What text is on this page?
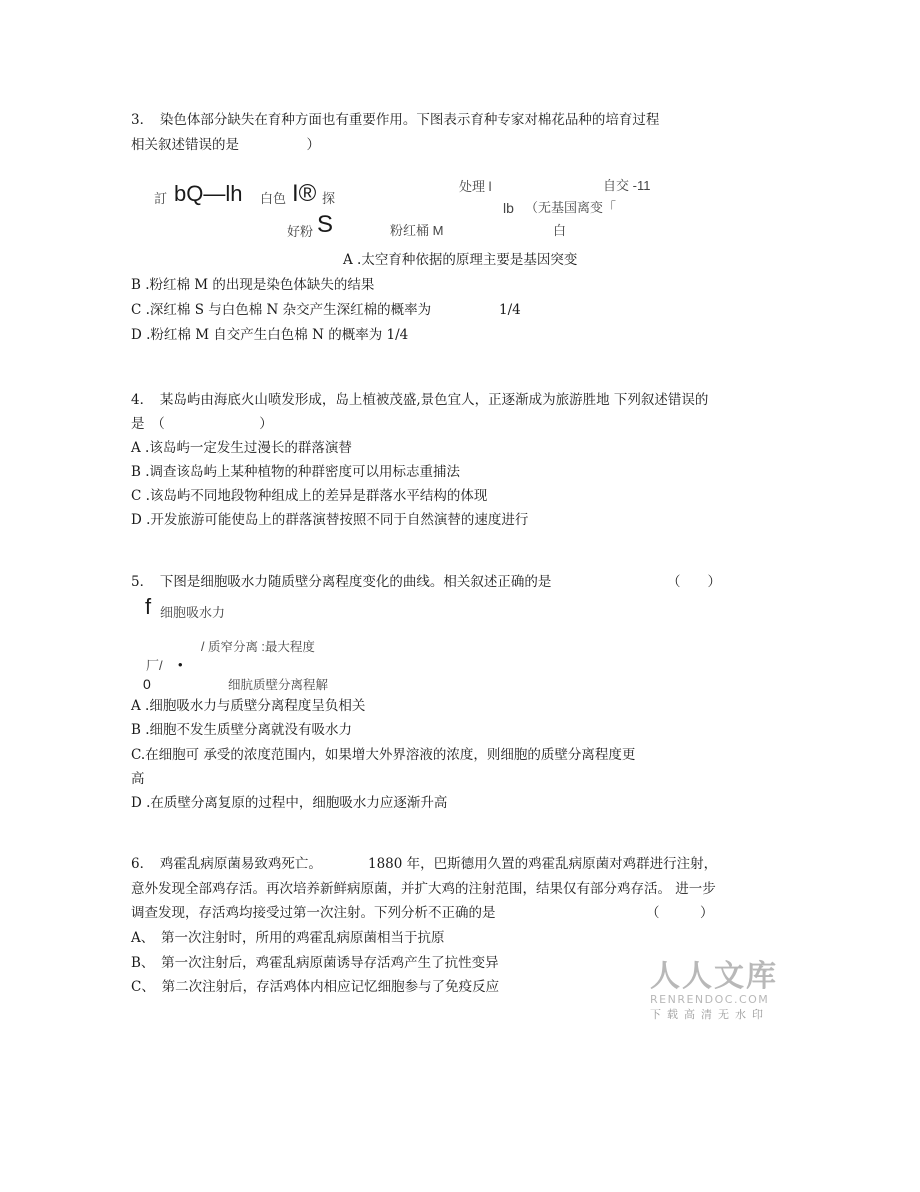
3．　染色体部分缺失在育种方面也有重要作用。下图表示育种专家对棉花品种的培育过程
相关叙述错误的是　　　　　）
訂 bQ—lh 白色 I® 探
处理 l	自交 -11
lb （无基国离变「
好粉 S	粉红桶 M	白
A .太空育种依据的原理主要是基因突变
B .粉红棉 M 的出现是染色体缺失的结果
C .深红棉 S 与白色棉 N 杂交产生深红棉的概率为	1/4
D .粉红棉 M 自交产生白色棉 N 的概率为 1/4
4．　某岛屿由海底火山喷发形成，岛上植被茂盛,景色宜人，正逐渐成为旅游胜地 下列叙述错误的
是　（　　　　　　　）
A .该岛屿一定发生过漫长的群落演替
B .调查该岛屿上某种植物的种群密度可以用标志重捕法
C .该岛屿不同地段物种组成上的差异是群落水平结构的体现
D .开发旅游可能使岛上的群落演替按照不同于自然演替的速度进行
5．　下图是细胞吸水力随质壁分离程度变化的曲线。相关叙述正确的是	（　　）
f 细胞吸水力
/ 质窄分离 :最大程度
厂/ •
0	细肮质壁分离程解
A .细胞吸水力与质壁分离程度呈负相关
B .细胞不发生质壁分离就没有吸水力
C.在细胞可 承受的浓度范围内，如果增大外界溶液的浓度，则细胞的质壁分离程度更
高
D .在质壁分离复原的过程中，细胞吸水力应逐渐升高
6．　鸡霍乱病原菌易致鸡死亡。	1880 年，巴斯德用久置的鸡霍乱病原菌对鸡群进行注射，
意外发现全部鸡存活。再次培养新鲜病原菌，并扩大鸡的注射范围，结果仅有部分鸡存活。 进一步
调查发现，存活鸡均接受过第一次注射。下列分析不正确的是	（　　　）
A、　第一次注射时，所用的鸡霍乱病原菌相当于抗原
B、　第一次注射后，鸡霍乱病原菌诱导存活鸡产生了抗性变异
C、　第二次注射后，存活鸡体内相应记忆细胞参与了免疫反应	人人文库
RENRENDOC.COM
下载高清无水印
